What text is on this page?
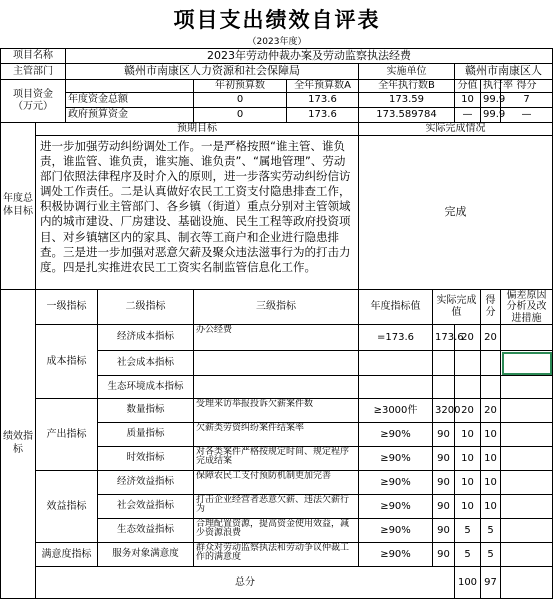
项目支出绩效自评表
（2023年度）
项目名称		2023年劳动仲裁办案及劳动监察执法经费								
主管部门		赣州市南康区人力资源和社会保障局				实施单位		赣州市南康区人		
项目资金
（万元）				年初预算数	全年预算数A	全年执行数B		分值	执行率	得分
		年度资金总额		0	173.6	173.59		10	99.9	7
		政府预算资金		0	173.6	173.589784		—	99.9	—
年度总体目标	预期目标					实际完成情况				
	进一步加强劳动纠纷调处工作。一是严格按照“谁主管、谁负责，谁监管、谁负责，谁实施、谁负责”、“属地管理”、劳动部门依照法律程序及时介入的原则，进一步落实劳动纠纷信访调处工作责任。二是认真做好农民工工资支付隐患排查工作，积极协调行业主管部门、各乡镇（街道）重点分别对主管领域内的城市建设、厂房建设、基础设施、民生工程等政府投资项目、对乡镇辖区内的家具、制衣等工商户和企业进行隐患排查。三是进一步加强对恶意欠薪及聚众违法滋事行为的打击力度。四是扎实推进农民工工资实名制监管信息化工作。					完成				
绩效指标	一级指标		二级指标	三级指标		年度指标值	实际完成值		得分	偏差原因分析及改进措施
	成本指标		经济成本指标	办公经费		=173.6	173.6	20	20	
			社会成本指标							
			生态环境成本指标							
	产出指标		数量指标	受理来访举报投诉欠薪案件数		≥3000件	3200	20	20	
			质量指标	欠薪类劳资纠纷案件结案率		≥90%	90	10	10	
			时效指标	对各类案件严格按规定时间、规定程序完成结案		≥90%	90	10	10	
	效益指标		经济效益指标	保障农民工支付预防机制更加完善		≥90%	90	10	10	
			社会效益指标	打击企业经营者恶意欠薪、违法欠薪行为		≥90%	90	10	10	
			生态效益指标	合理配置资源，提高资金使用效益，减少资源浪费		≥90%	90	5	5	
	满意度指标		服务对象满意度	群众对劳动监察执法和劳动争议仲裁工作的满意度		≥90%	90	5	5	
	总分							100	97	
